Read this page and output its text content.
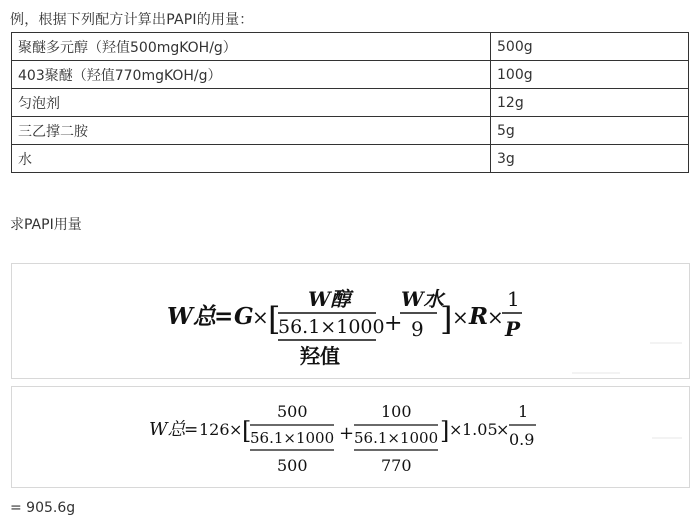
例，根据下列配方计算出PAPI的用量：
聚醚多元醇（羟值500mgKOH/g）	500g
403聚醚（羟值770mgKOH/g）	100g
匀泡剂	12g
三乙撑二胺	5g
水	3g
求PAPI用量
W总
= G
× [
W醇
56.1×1000
羟值
+
W水
9 ] × R
×
1
P
W总
= 126 × [
500
56.1×1000
500
+
100
56.1×1000
770
] × 1.05
×
1
0.9
= 905.6g
